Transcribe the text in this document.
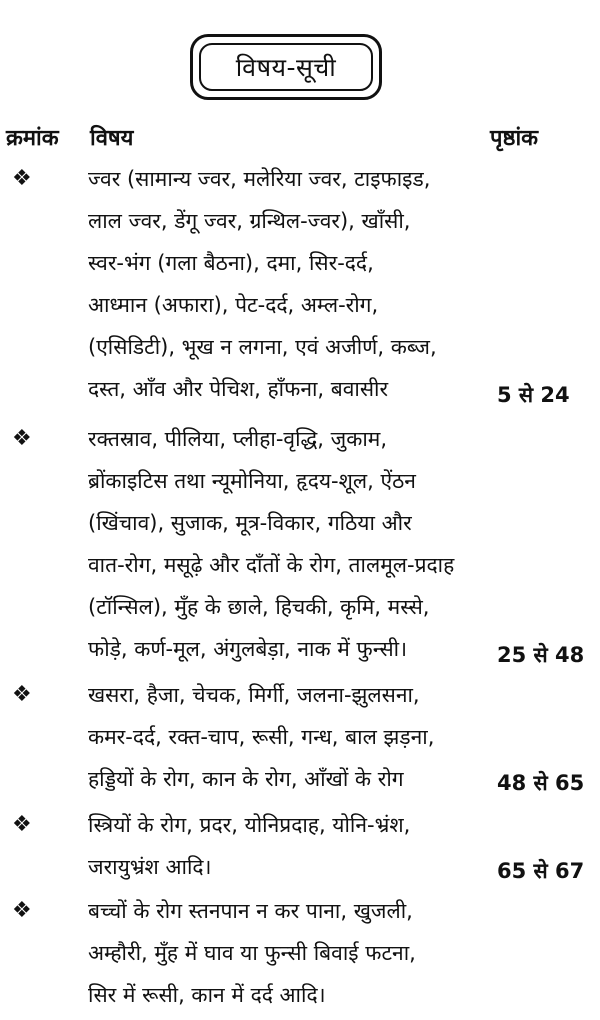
विषय-सूची
क्रमांक विषय	पृष्ठांक
❖	ज्वर (सामान्य ज्वर, मलेरिया ज्वर, टाइफाइड,
लाल ज्वर, डेंगू ज्वर, ग्रन्थिल-ज्वर), खाँसी,
स्वर-भंग (गला बैठना), दमा, सिर-दर्द,
आध्मान (अफारा), पेट-दर्द, अम्ल-रोग,
(एसिडिटी), भूख न लगना, एवं अजीर्ण, कब्ज,
दस्त, आँव और पेचिश, हाँफना, बवासीर	5 से 24
❖	रक्तस्राव, पीलिया, प्लीहा-वृद्धि, जुकाम,
ब्रोंकाइटिस तथा न्यूमोनिया, हृदय-शूल, ऐंठन
(खिंचाव), सुजाक, मूत्र-विकार, गठिया और
वात-रोग, मसूढ़े और दाँतों के रोग, तालमूल-प्रदाह
(टॉन्सिल), मुँह के छाले, हिचकी, कृमि, मस्से,
फोड़े, कर्ण-मूल, अंगुलबेड़ा, नाक में फुन्सी।	25 से 48
❖	खसरा, हैजा, चेचक, मिर्गी, जलना-झुलसना,
कमर-दर्द, रक्त-चाप, रूसी, गन्ध, बाल झड़ना,
हड्डियों के रोग, कान के रोग, आँखों के रोग	48 से 65
❖	स्त्रियों के रोग, प्रदर, योनिप्रदाह, योनि-भ्रंश,
जरायुभ्रंश आदि।	65 से 67
❖	बच्चों के रोग स्तनपान न कर पाना, खुजली,
अम्हौरी, मुँह में घाव या फुन्सी बिवाई फटना,
सिर में रूसी, कान में दर्द आदि।
